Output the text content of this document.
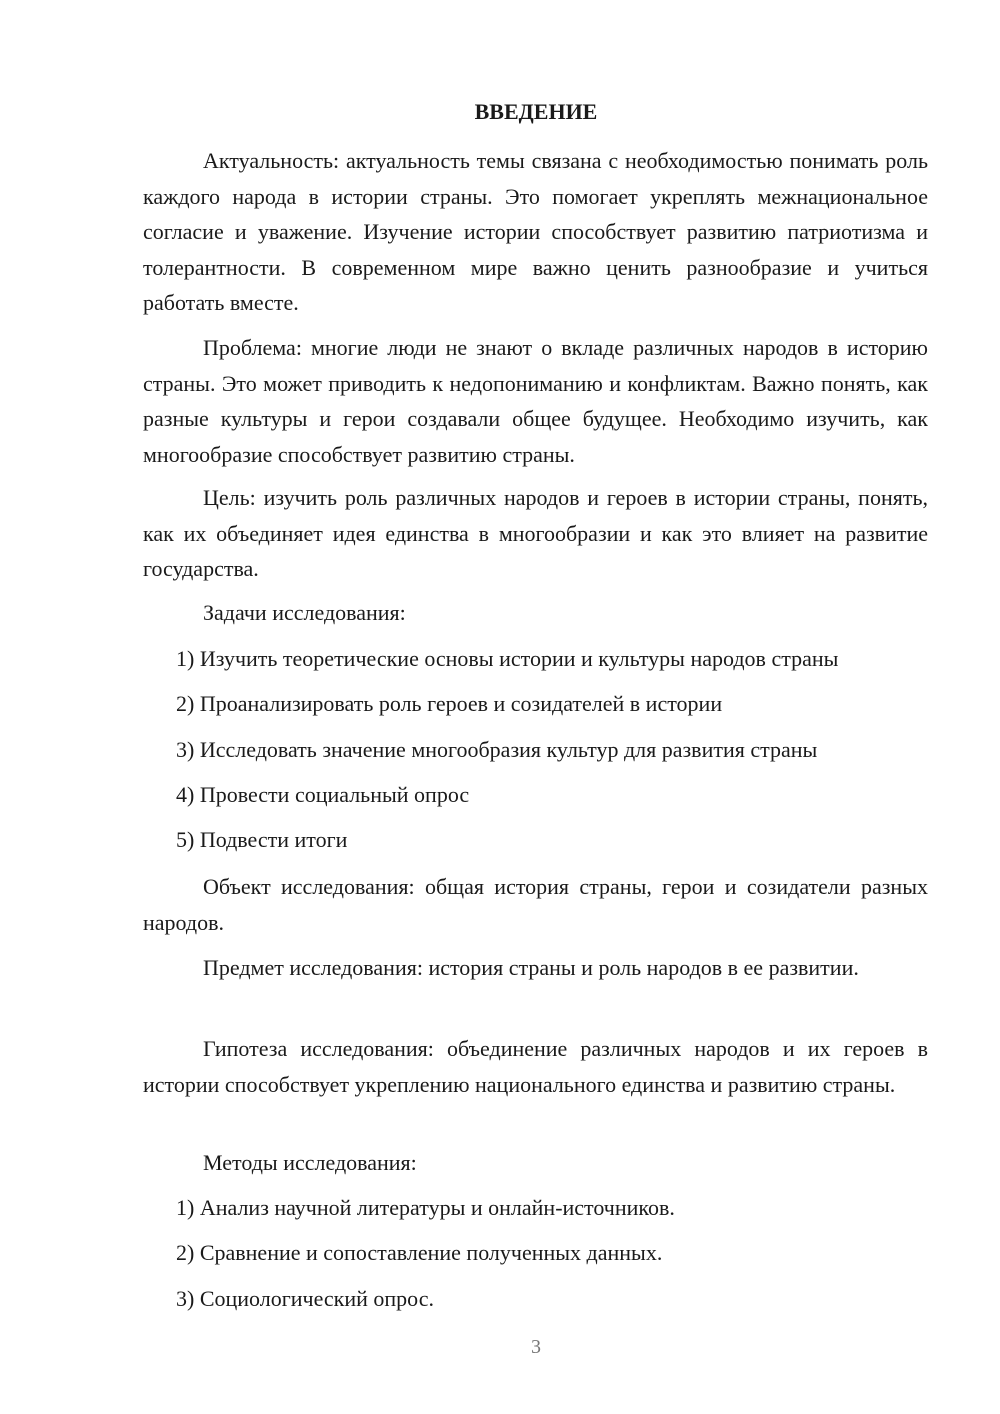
ВВЕДЕНИЕ
Актуальность: актуальность темы связана с необходимостью понимать роль каждого народа в истории страны. Это помогает укреплять межнациональное согласие и уважение. Изучение истории способствует развитию патриотизма и толерантности. В современном мире важно ценить разнообразие и учиться работать вместе.
Проблема: многие люди не знают о вкладе различных народов в историю страны. Это может приводить к недопониманию и конфликтам. Важно понять, как разные культуры и герои создавали общее будущее. Необходимо изучить, как многообразие способствует развитию страны.
Цель: изучить роль различных народов и героев в истории страны, понять, как их объединяет идея единства в многообразии и как это влияет на развитие государства.
Задачи исследования:
1) Изучить теоретические основы истории и культуры народов страны
2) Проанализировать роль героев и созидателей в истории
3) Исследовать значение многообразия культур для развития страны
4) Провести социальный опрос
5) Подвести итоги
Объект исследования: общая история страны, герои и созидатели разных народов.
Предмет исследования: история страны и роль народов в ее развитии.
Гипотеза исследования: объединение различных народов и их героев в истории способствует укреплению национального единства и развитию страны.
Методы исследования:
1) Анализ научной литературы и онлайн-источников.
2) Сравнение и сопоставление полученных данных.
3) Социологический опрос.
3
